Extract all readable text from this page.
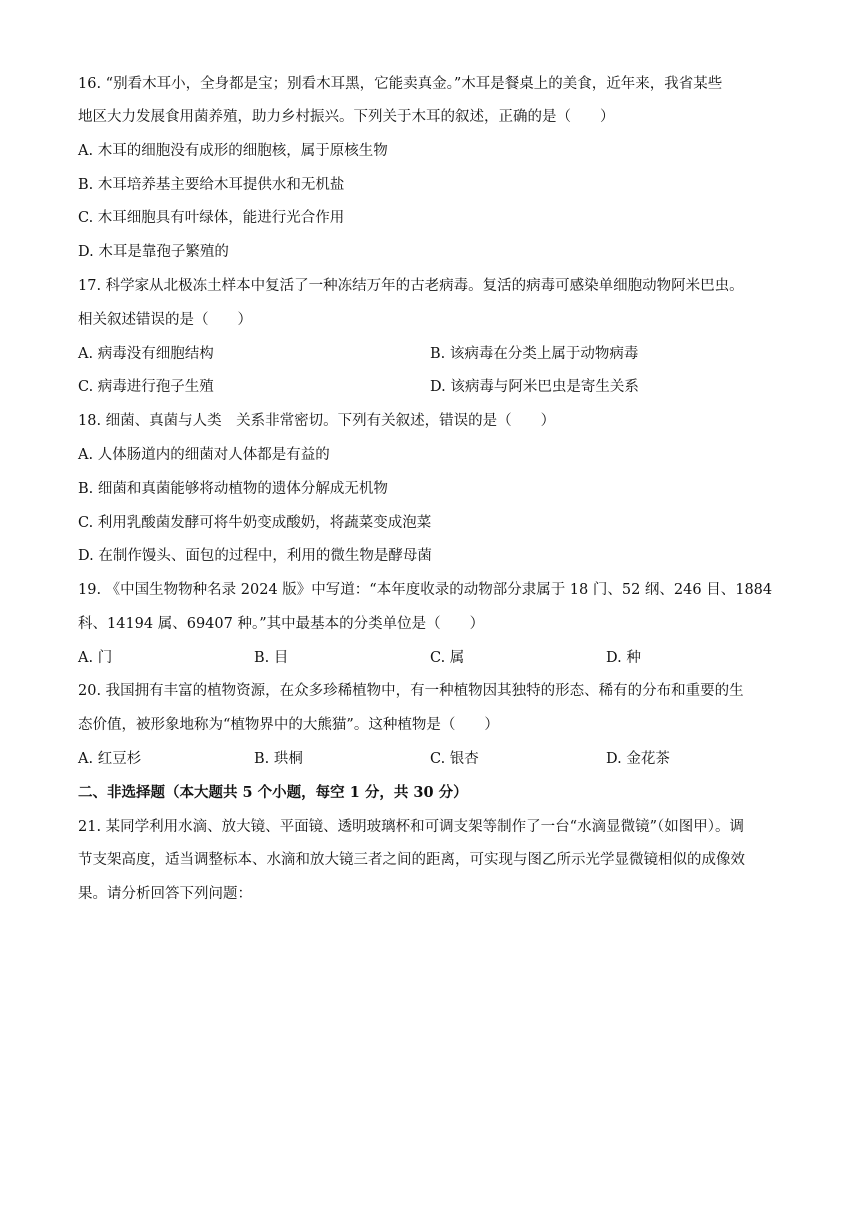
16. “别看木耳小，全身都是宝；别看木耳黑，它能卖真金。”木耳是餐桌上的美食，近年来，我省某些
地区大力发展食用菌养殖，助力乡村振兴。下列关于木耳的叙述，正确的是（　　）
A. 木耳的细胞没有成形的细胞核，属于原核生物
B. 木耳培养基主要给木耳提供水和无机盐
C. 木耳细胞具有叶绿体，能进行光合作用
D. 木耳是靠孢子繁殖的
17. 科学家从北极冻土样本中复活了一种冻结万年的古老病毒。复活的病毒可感染单细胞动物阿米巴虫。
相关叙述错误的是（　　）
A. 病毒没有细胞结构	B. 该病毒在分类上属于动物病毒
C. 病毒进行孢子生殖	D. 该病毒与阿米巴虫是寄生关系
18. 细菌、真菌与人类　关系非常密切。下列有关叙述，错误的是（　　）
A. 人体肠道内的细菌对人体都是有益的
B. 细菌和真菌能够将动植物的遗体分解成无机物
C. 利用乳酸菌发酵可将牛奶变成酸奶，将蔬菜变成泡菜
D. 在制作馒头、面包的过程中，利用的微生物是酵母菌
19. 《中国生物物种名录 2024 版》中写道：“本年度收录的动物部分隶属于 18 门、52 纲、246 目、1884
科、14194 属、69407 种。”其中最基本的分类单位是（　　）
A. 门	B. 目	C. 属	D. 种
20. 我国拥有丰富的植物资源，在众多珍稀植物中，有一种植物因其独特的形态、稀有的分布和重要的生
态价值，被形象地称为“植物界中的大熊猫”。这种植物是（　　）
A. 红豆杉	B. 珙桐	C. 银杏	D. 金花茶
二、非选择题（本大题共 5 个小题，每空 1 分，共 30 分）
21. 某同学利用水滴、放大镜、平面镜、透明玻璃杯和可调支架等制作了一台“水滴显微镜”（如图甲）。调
节支架高度，适当调整标本、水滴和放大镜三者之间的距离，可实现与图乙所示光学显微镜相似的成像效
果。请分析回答下列问题：
